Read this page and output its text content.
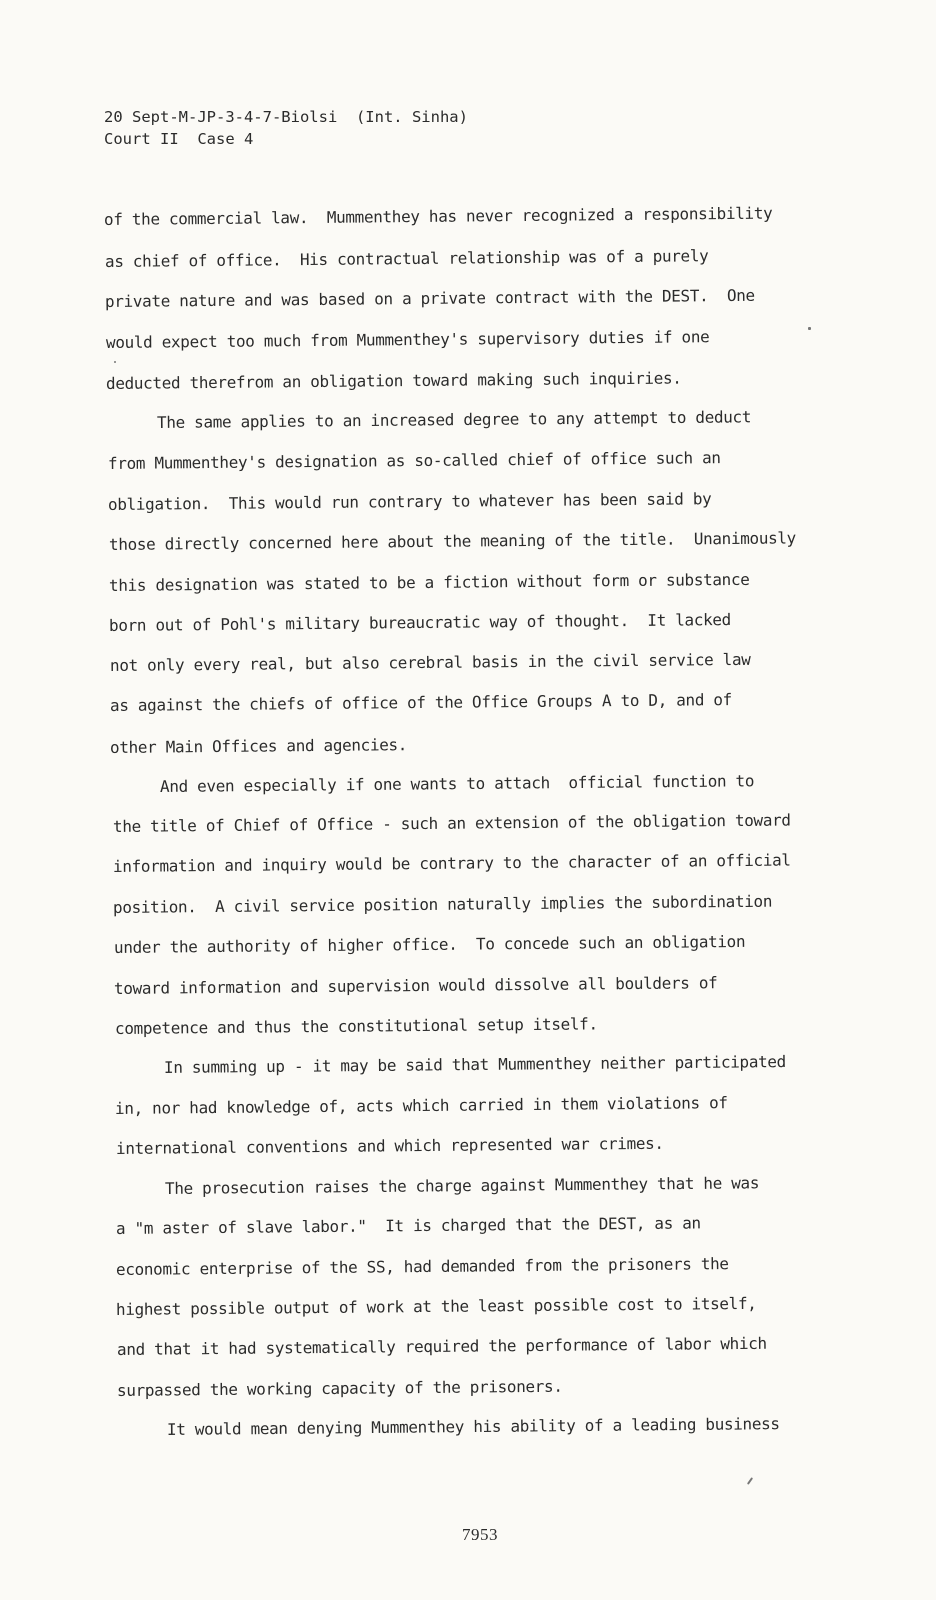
20 Sept-M-JP-3-4-7-Biolsi  (Int. Sinha)
Court II  Case 4
of the commercial law.  Mummenthey has never recognized a responsibility
as chief of office.  His contractual relationship was of a purely
private nature and was based on a private contract with the DEST.  One
would expect too much from Mummenthey's supervisory duties if one
deducted therefrom an obligation toward making such inquiries.
The same applies to an increased degree to any attempt to deduct
from Mummenthey's designation as so-called chief of office such an
obligation.  This would run contrary to whatever has been said by
those directly concerned here about the meaning of the title.  Unanimously
this designation was stated to be a fiction without form or substance
born out of Pohl's military bureaucratic way of thought.  It lacked
not only every real, but also cerebral basis in the civil service law
as against the chiefs of office of the Office Groups A to D, and of
other Main Offices and agencies.
And even especially if one wants to attach  official function to
the title of Chief of Office - such an extension of the obligation toward
information and inquiry would be contrary to the character of an official
position.  A civil service position naturally implies the subordination
under the authority of higher office.  To concede such an obligation
toward information and supervision would dissolve all boulders of
competence and thus the constitutional setup itself.
In summing up - it may be said that Mummenthey neither participated
in, nor had knowledge of, acts which carried in them violations of
international conventions and which represented war crimes.
The prosecution raises the charge against Mummenthey that he was
a "m aster of slave labor."  It is charged that the DEST, as an
economic enterprise of the SS, had demanded from the prisoners the
highest possible output of work at the least possible cost to itself,
and that it had systematically required the performance of labor which
surpassed the working capacity of the prisoners.
It would mean denying Mummenthey his ability of a leading business
7953
